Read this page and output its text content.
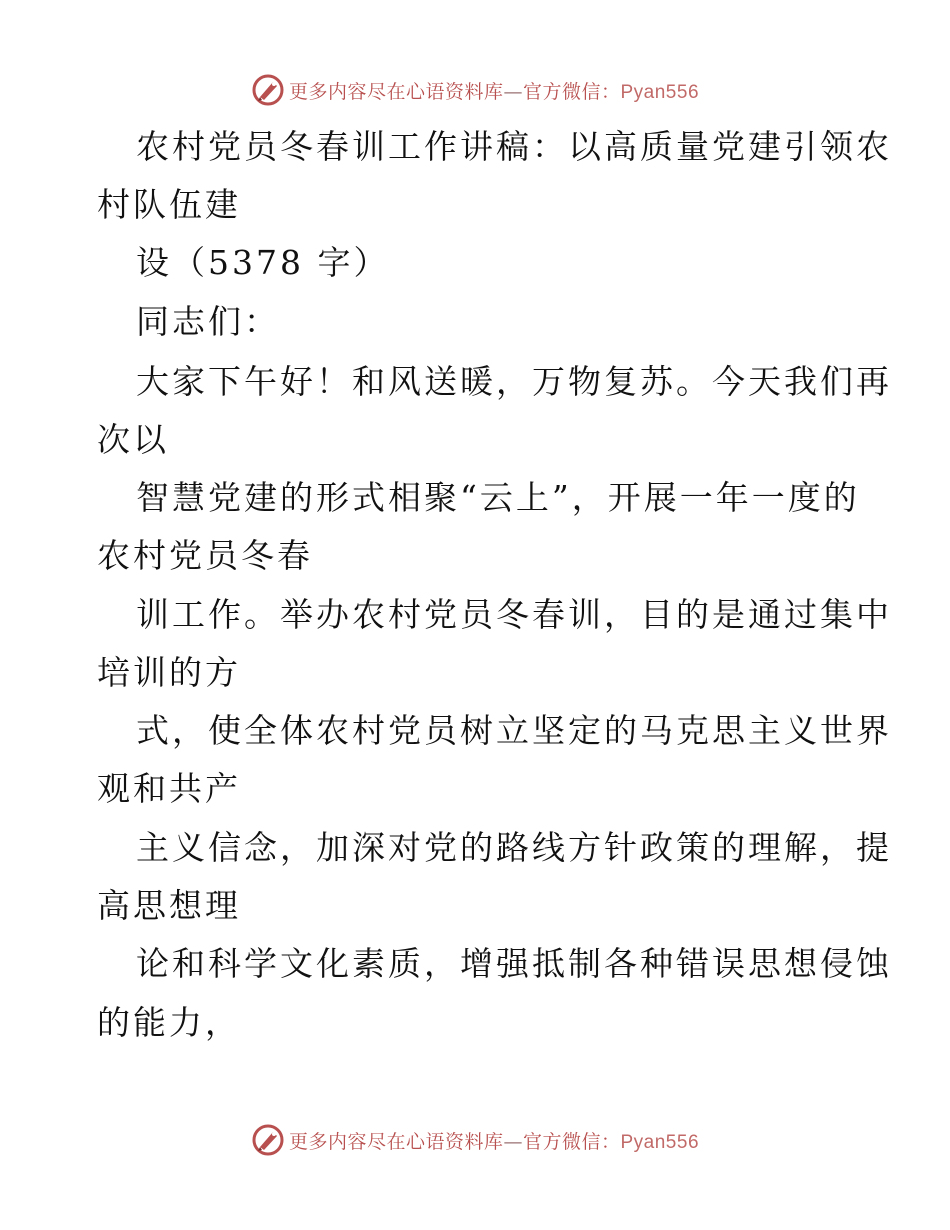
更多内容尽在心语资料库—官方微信：Pyan556
农村党员冬春训工作讲稿：以高质量党建引领农
村队伍建
设（5378 字）
同志们：
大家下午好！和风送暖，万物复苏。今天我们再
次以
智慧党建的形式相聚“云上”，开展一年一度的
农村党员冬春
训工作。举办农村党员冬春训，目的是通过集中
培训的方
式，使全体农村党员树立坚定的马克思主义世界
观和共产
主义信念，加深对党的路线方针政策的理解，提
高思想理
论和科学文化素质，增强抵制各种错误思想侵蚀
的能力，
更多内容尽在心语资料库—官方微信：Pyan556
